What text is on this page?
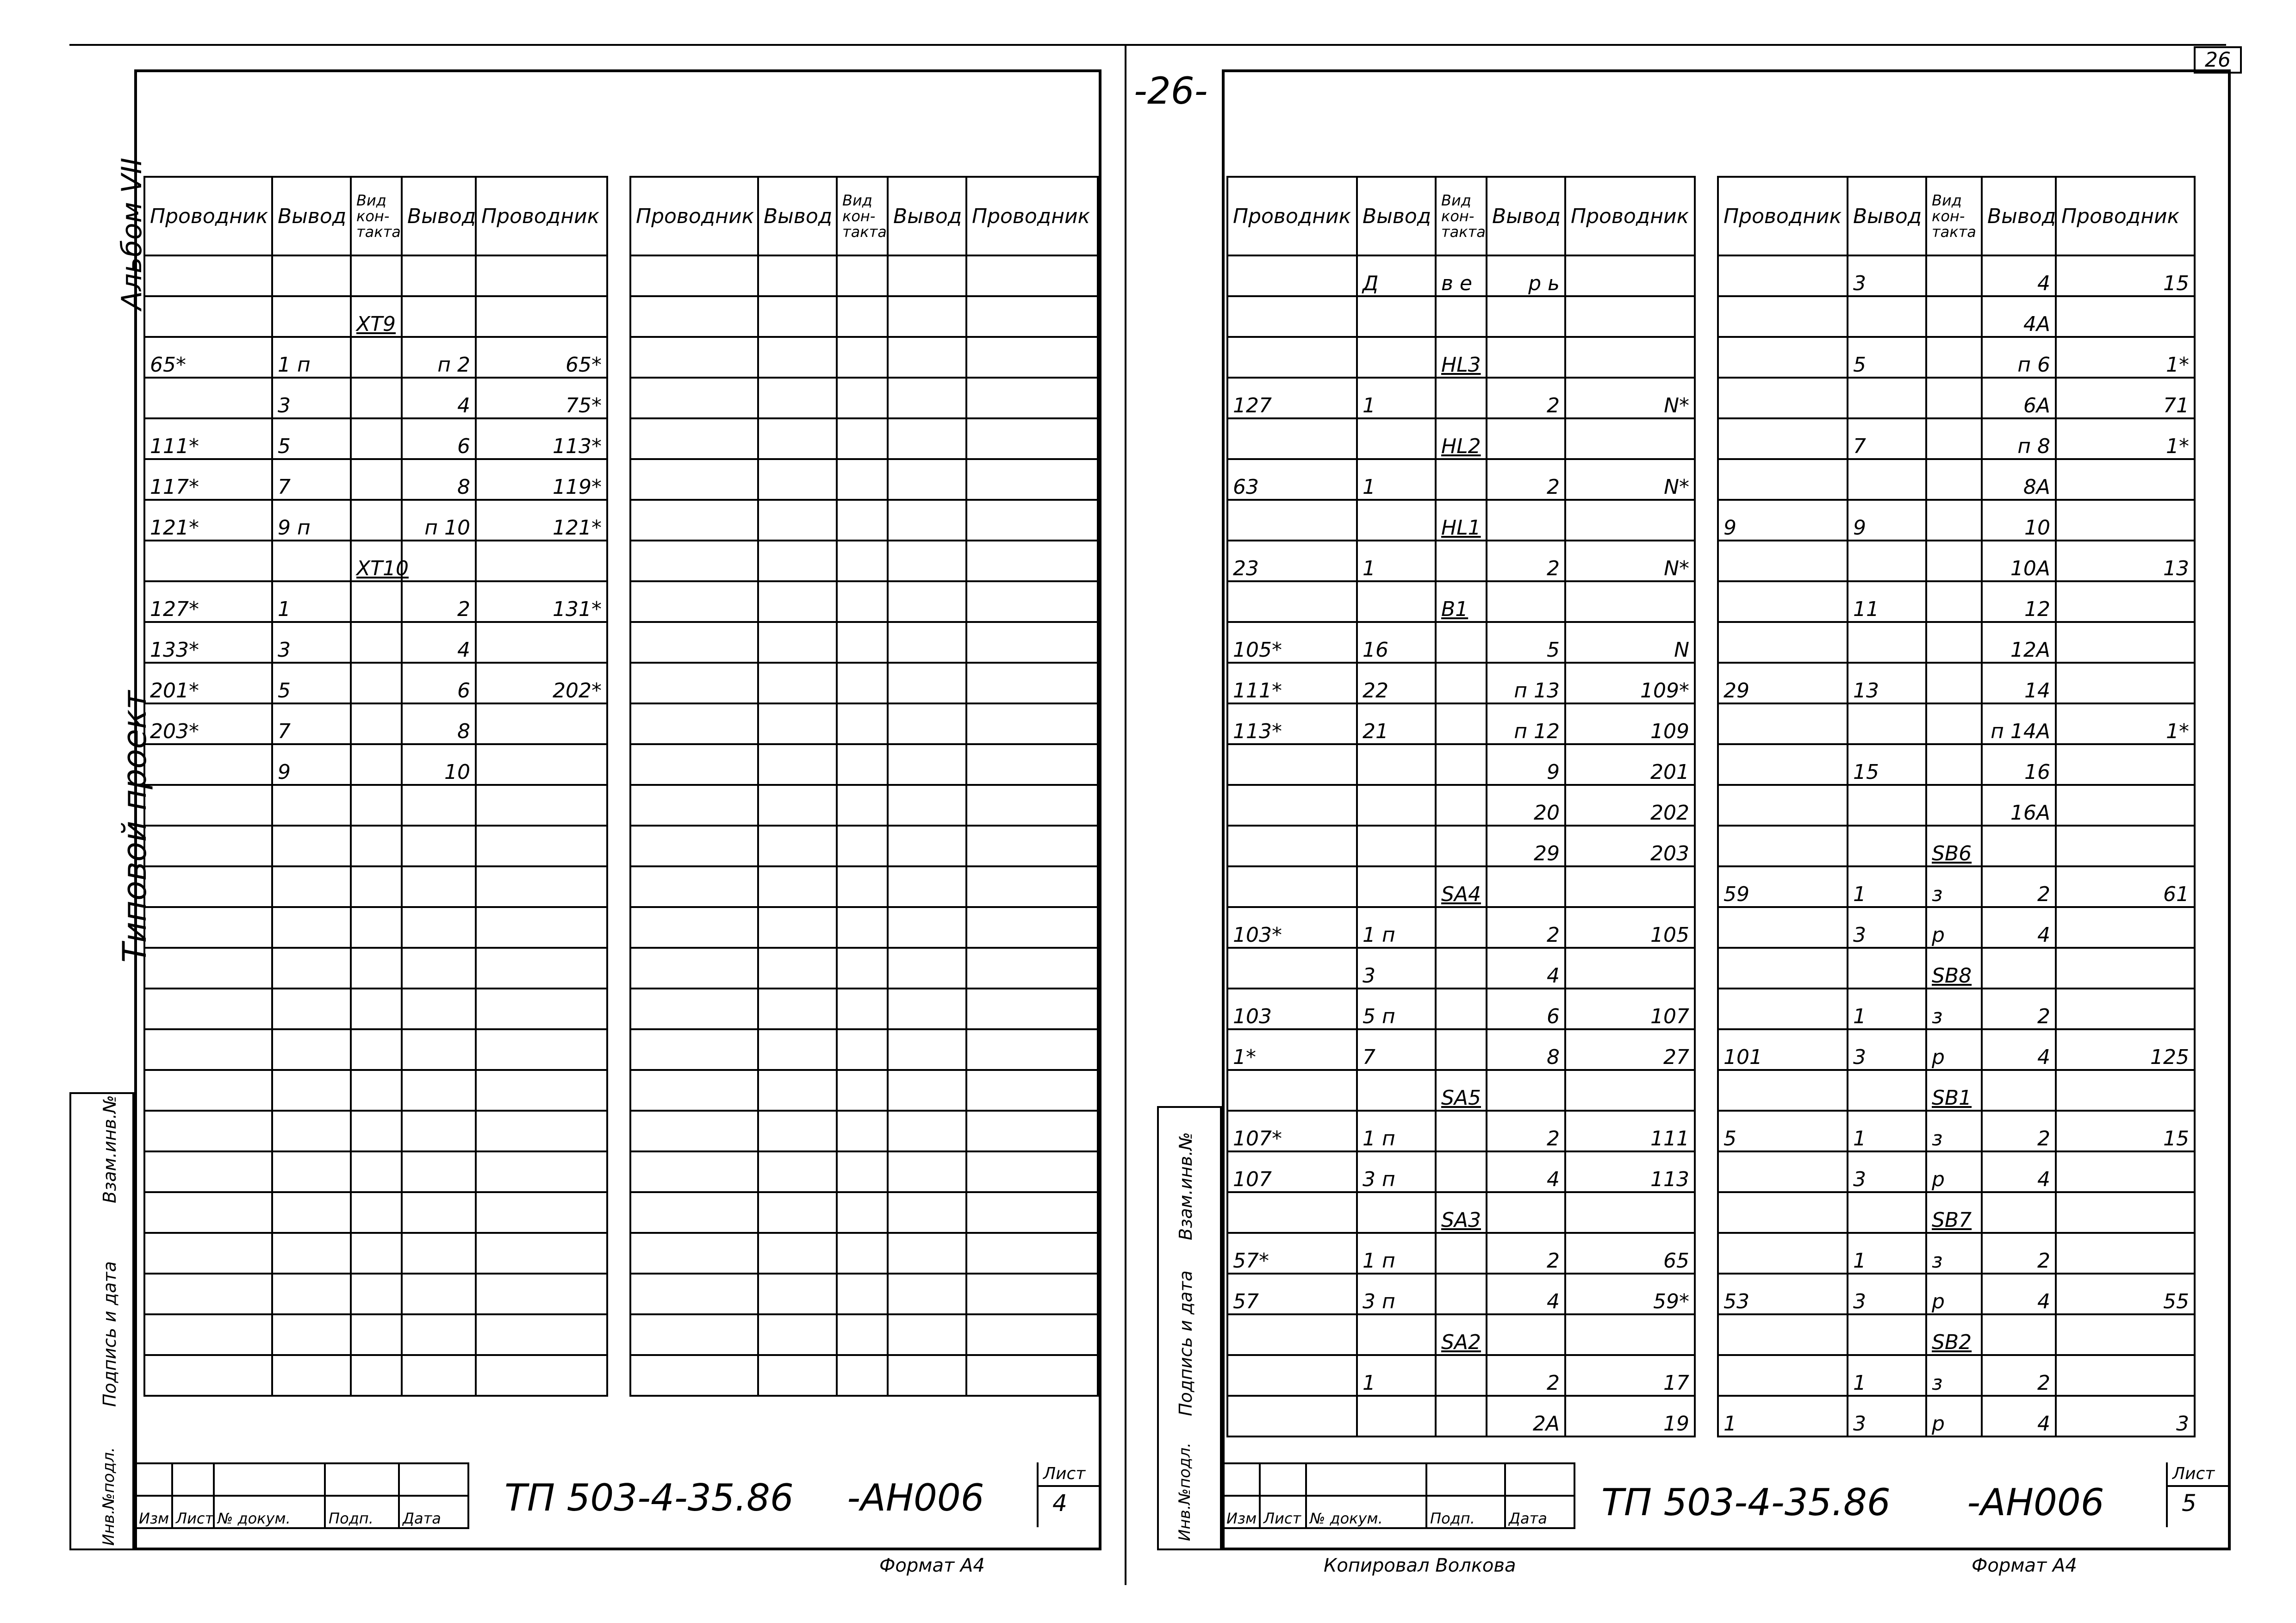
26
-26-
Альбом VII
Типовой проект
Взам.инв.№
Подпись и дата
Инв.№подл.
Проводник	Вывод	Вид кон-такта	Вывод	Проводник

		XT9		
65*	1 п		п 2	65*
	3		4	75*
111*	5		6	113*
117*	7		8	119*
121*	9 п		п 10	121*
		XT10		
127*	1		2	131*
133*	3		4	
201*	5		6	202*
203*	7		8	
	9		10	

Проводник	Вывод	Вид кон-такта	Вывод	Проводник

Изм	Лист	№ докум.	Подп.	Дата ТП 503-4-35.86 -АН006
Лист
4
Формат А4
Взам.инв.№
Подпись и дата
Инв.№подл.
Проводник	Вывод	Вид кон-такта	Вывод	Проводник
	Д	в е	р ь	

		HL3		
127	1		2	N*
		HL2		
63	1		2	N*
		HL1		
23	1		2	N*
		B1		
105*	16		5	N
111*	22		п 13	109*
113*	21		п 12	109
			9	201
			20	202
			29	203
		SA4		
103*	1 п		2	105
	3		4	
103	5 п		6	107
1*	7		8	27
		SA5		
107*	1 п		2	111
107	3 п		4	113
		SA3		
57*	1 п		2	65
57	3 п		4	59*
		SA2		
	1		2	17
			2А	19
Проводник	Вывод	Вид кон-такта	Вывод	Проводник
	3		4	15
			4А	
	5		п 6	1*
			6А	71
	7		п 8	1*
			8А	
9	9		10	
			10А	13
	11		12	
			12А	
29	13		14	
			п 14А	1*
	15		16	
			16А	
		SB6		
59	1	з	2	61
	3	р	4	
		SB8		
	1	з	2	
101	3	р	4	125
		SB1		
5	1	з	2	15
	3	р	4	
		SB7		
	1	з	2	
53	3	р	4	55
		SB2		
	1	з	2	
1	3	р	4	3

Изм	Лист	№ докум.	Подп.	Дата ТП 503-4-35.86 -АН006
Лист
5
Копировал Волкова	Формат А4
